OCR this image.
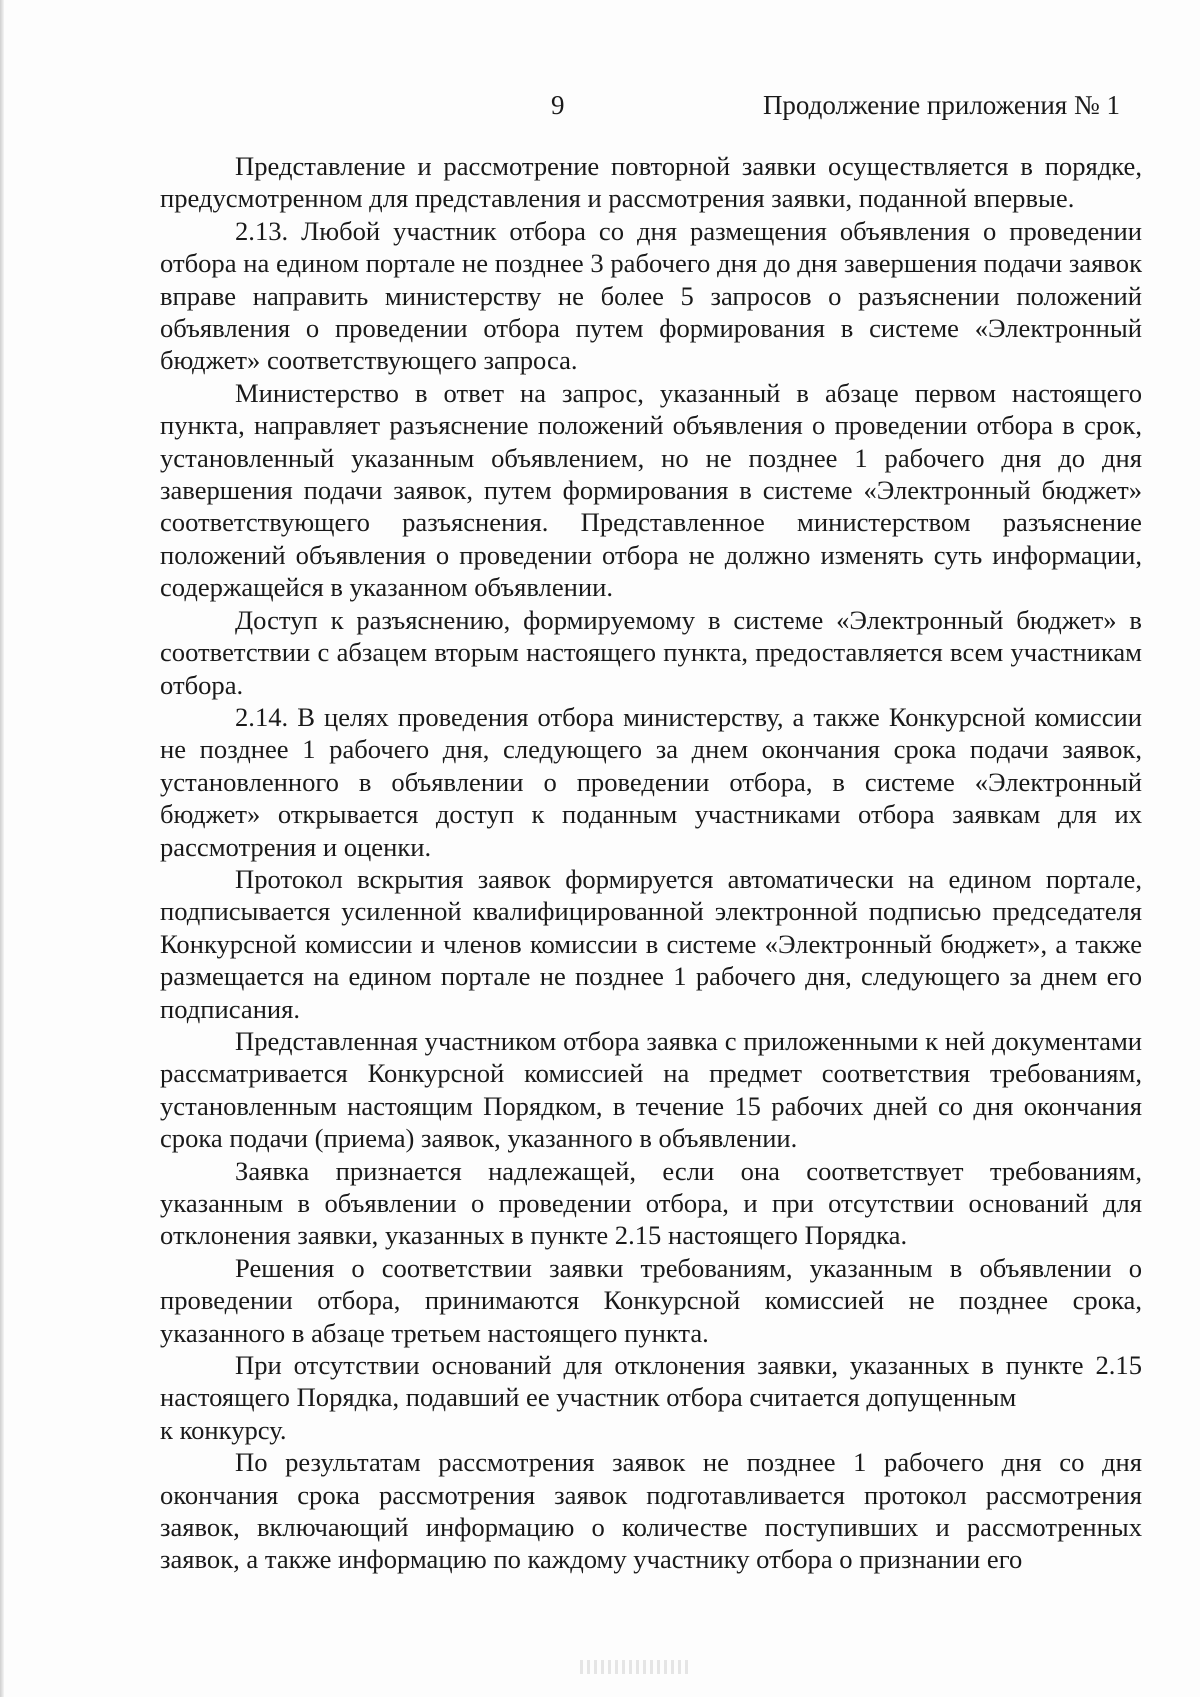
9	Продолжение приложения № 1

Представление и рассмотрение повторной заявки осуществляется в порядке, предусмотренном для представления и рассмотрения заявки, поданной впервые.

2.13. Любой участник отбора со дня размещения объявления о проведении отбора на едином портале не позднее 3 рабочего дня до дня завершения подачи заявок вправе направить министерству не более 5 запросов о разъяснении положений объявления о проведении отбора путем формирования в системе «Электронный бюджет» соответствующего запроса.

Министерство в ответ на запрос, указанный в абзаце первом настоящего пункта, направляет разъяснение положений объявления о проведении отбора в срок, установленный указанным объявлением, но не позднее 1 рабочего дня до дня завершения подачи заявок, путем формирования в системе «Электронный бюджет» соответствующего разъяснения. Представленное министерством разъяснение положений объявления о проведении отбора не должно изменять суть информации, содержащейся в указанном объявлении.

Доступ к разъяснению, формируемому в системе «Электронный бюджет» в соответствии с абзацем вторым настоящего пункта, предоставляется всем участникам отбора.

2.14. В целях проведения отбора министерству, а также Конкурсной комиссии не позднее 1 рабочего дня, следующего за днем окончания срока подачи заявок, установленного в объявлении о проведении отбора, в системе «Электронный бюджет» открывается доступ к поданным участниками отбора заявкам для их рассмотрения и оценки.

Протокол вскрытия заявок формируется автоматически на едином портале, подписывается усиленной квалифицированной электронной подписью председателя Конкурсной комиссии и членов комиссии в системе «Электронный бюджет», а также размещается на едином портале не позднее 1 рабочего дня, следующего за днем его подписания.

Представленная участником отбора заявка с приложенными к ней документами рассматривается Конкурсной комиссией на предмет соответствия требованиям, установленным настоящим Порядком, в течение 15 рабочих дней со дня окончания срока подачи (приема) заявок, указанного в объявлении.

Заявка признается надлежащей, если она соответствует требованиям, указанным в объявлении о проведении отбора, и при отсутствии оснований для отклонения заявки, указанных в пункте 2.15 настоящего Порядка.

Решения о соответствии заявки требованиям, указанным в объявлении о проведении отбора, принимаются Конкурсной комиссией не позднее срока, указанного в абзаце третьем настоящего пункта.

При отсутствии оснований для отклонения заявки, указанных в пункте 2.15 настоящего Порядка, подавший ее участник отбора считается допущенным

к конкурсу.

По результатам рассмотрения заявок не позднее 1 рабочего дня со дня окончания срока рассмотрения заявок подготавливается протокол рассмотрения заявок, включающий информацию о количестве поступивших и рассмотренных заявок, а также информацию по каждому участнику отбора о признании его
